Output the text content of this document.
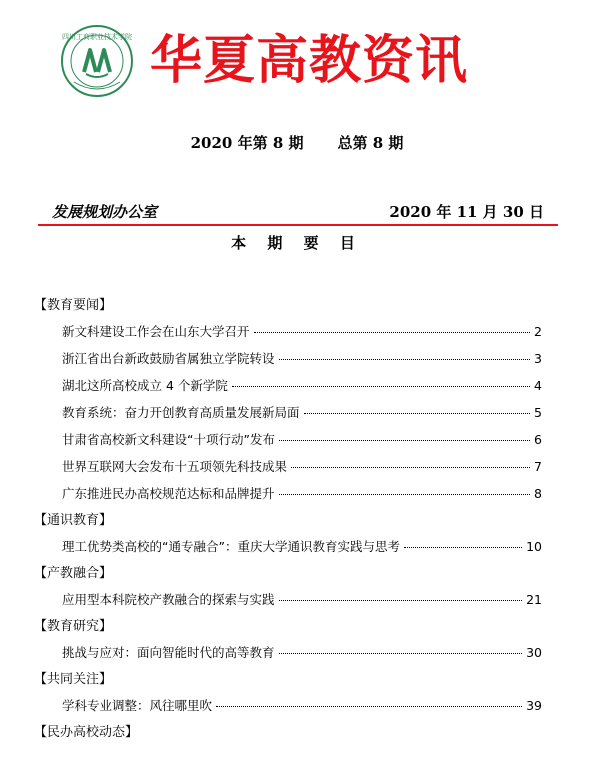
四川工商职业技术学院 华夏高教资讯
2020 年第 8 期 总第 8 期
发展规划办公室	2020 年 11 月 30 日
本 期 要 目
【教育要闻】
新文科建设工作会在山东大学召开	2
浙江省出台新政鼓励省属独立学院转设	3
湖北这所高校成立 4 个新学院	4
教育系统：奋力开创教育高质量发展新局面	5
甘肃省高校新文科建设“十项行动”发布	6
世界互联网大会发布十五项领先科技成果	7
广东推进民办高校规范达标和品牌提升	8
【通识教育】
理工优势类高校的“通专融合”：重庆大学通识教育实践与思考	10
【产教融合】
应用型本科院校产教融合的探索与实践	21
【教育研究】
挑战与应对：面向智能时代的高等教育	30
【共同关注】
学科专业调整：风往哪里吹	39
【民办高校动态】
